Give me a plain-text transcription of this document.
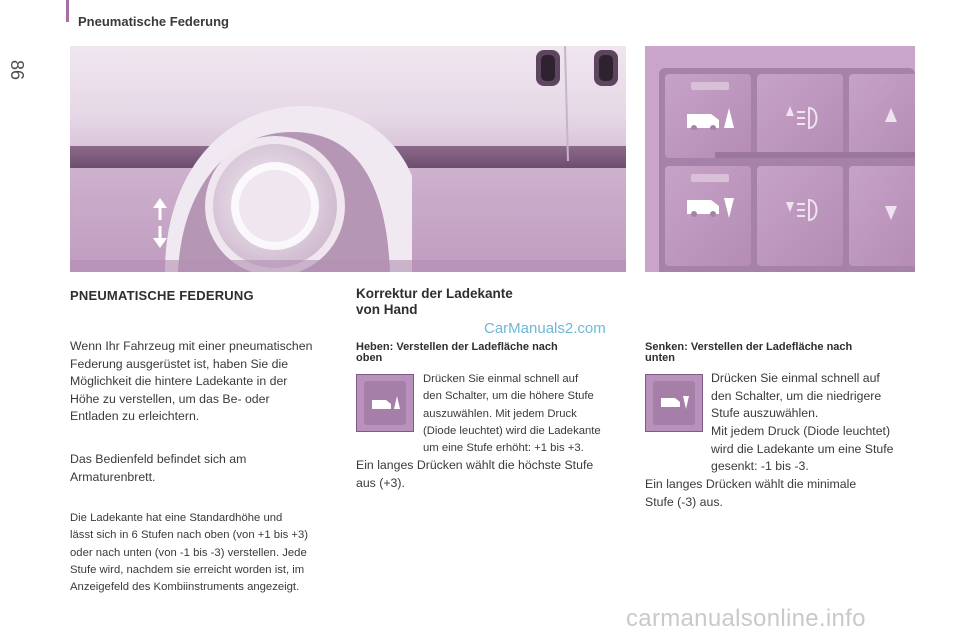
86
Pneumatische Federung
PNEUMATISCHE FEDERUNG
Wenn Ihr Fahrzeug mit einer pneumatischen
Federung ausgerüstet ist, haben Sie die
Möglichkeit die hintere Ladekante in der
Höhe zu verstellen, um das Be- oder
Entladen zu erleichtern.
Das Bedienfeld befindet sich am
Armaturenbrett.
Die Ladekante hat eine Standardhöhe und
lässt sich in 6 Stufen nach oben (von +1 bis +3)
oder nach unten (von -1 bis -3) verstellen. Jede
Stufe wird, nachdem sie erreicht worden ist, im
Anzeigefeld des Kombiinstruments angezeigt.
Korrektur der Ladekante
von Hand
CarManuals2.com
Heben: Verstellen der Ladefläche nach
oben
Drücken Sie einmal schnell auf
den Schalter, um die höhere Stufe
auszuwählen. Mit jedem Druck
(Diode leuchtet) wird die Ladekante
um eine Stufe erhöht: +1 bis +3.
Ein langes Drücken wählt die höchste Stufe
aus (+3).
Senken: Verstellen der Ladefläche nach
unten
Drücken Sie einmal schnell auf
den Schalter, um die niedrigere
Stufe auszuwählen.
Mit jedem Druck (Diode leuchtet)
wird die Ladekante um eine Stufe
gesenkt: -1 bis -3.
Ein langes Drücken wählt die minimale
Stufe (-3) aus.
carmanualsonline.info
